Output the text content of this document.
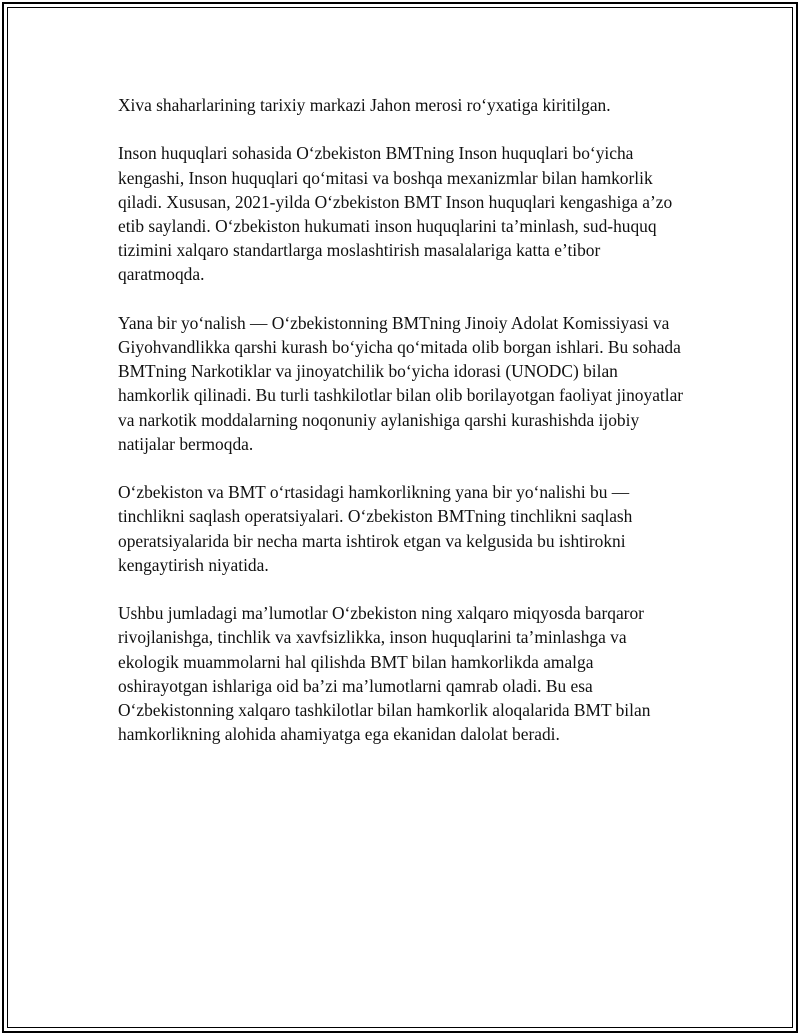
Xiva shaharlarining tarixiy markazi Jahon merosi ro‘yxatiga kiritilgan.

Inson huquqlari sohasida O‘zbekiston BMTning Inson huquqlari bo‘yicha kengashi, Inson huquqlari qo‘mitasi va boshqa mexanizmlar bilan hamkorlik qiladi. Xususan, 2021-yilda O‘zbekiston BMT Inson huquqlari kengashiga a’zo etib saylandi. O‘zbekiston hukumati inson huquqlarini ta’minlash, sud-huquq tizimini xalqaro standartlarga moslashtirish masalalariga katta e’tibor qaratmoqda.

Yana bir yo‘nalish — O‘zbekistonning BMTning Jinoiy Adolat Komissiyasi va Giyohvandlikka qarshi kurash bo‘yicha qo‘mitada olib borgan ishlari. Bu sohada BMTning Narkotiklar va jinoyatchilik bo‘yicha idorasi (UNODC) bilan hamkorlik qilinadi. Bu turli tashkilotlar bilan olib borilayotgan faoliyat jinoyatlar va narkotik moddalarning noqonuniy aylanishiga qarshi kurashishda ijobiy natijalar bermoqda.

O‘zbekiston va BMT o‘rtasidagi hamkorlikning yana bir yo‘nalishi bu — tinchlikni saqlash operatsiyalari. O‘zbekiston BMTning tinchlikni saqlash operatsiyalarida bir necha marta ishtirok etgan va kelgusida bu ishtirokni kengaytirish niyatida.

Ushbu jumladagi ma’lumotlar O‘zbekiston ning xalqaro miqyosda barqaror rivojlanishga, tinchlik va xavfsizlikka, inson huquqlarini ta’minlashga va ekologik muammolarni hal qilishda BMT bilan hamkorlikda amalga oshirayotgan ishlariga oid ba’zi ma’lumotlarni qamrab oladi. Bu esa O‘zbekistonning xalqaro tashkilotlar bilan hamkorlik aloqalarida BMT bilan hamkorlikning alohida ahamiyatga ega ekanidan dalolat beradi.
